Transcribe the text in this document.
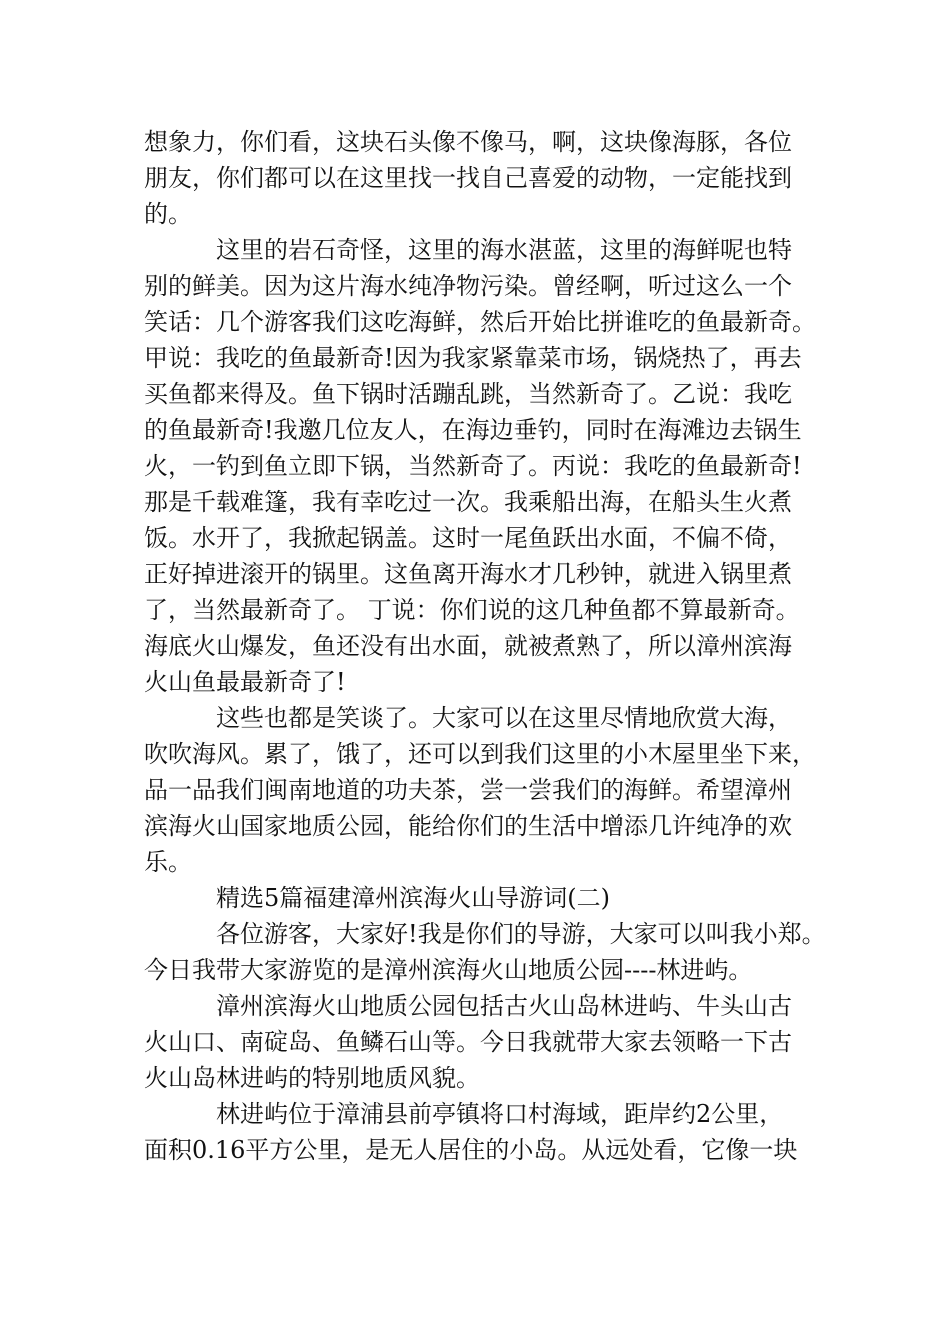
想象力，你们看，这块石头像不像马，啊，这块像海豚，各位

朋友，你们都可以在这里找一找自己喜爱的动物，一定能找到

的。

这里的岩石奇怪，这里的海水湛蓝，这里的海鲜呢也特

别的鲜美。因为这片海水纯净物污染。曾经啊，听过这么一个

笑话：几个游客我们这吃海鲜，然后开始比拼谁吃的鱼最新奇。

甲说：我吃的鱼最新奇!因为我家紧靠菜市场，锅烧热了，再去

买鱼都来得及。鱼下锅时活蹦乱跳，当然新奇了。乙说：我吃

的鱼最新奇!我邀几位友人，在海边垂钓，同时在海滩边去锅生

火，一钓到鱼立即下锅，当然新奇了。丙说：我吃的鱼最新奇!

那是千载难篷，我有幸吃过一次。我乘船出海，在船头生火煮

饭。水开了，我掀起锅盖。这时一尾鱼跃出水面，不偏不倚，

正好掉进滚开的锅里。这鱼离开海水才几秒钟，就进入锅里煮

了，当然最新奇了。 丁说：你们说的这几种鱼都不算最新奇。

海底火山爆发，鱼还没有出水面，就被煮熟了，所以漳州滨海

火山鱼最最新奇了!

这些也都是笑谈了。大家可以在这里尽情地欣赏大海，

吹吹海风。累了，饿了，还可以到我们这里的小木屋里坐下来，

品一品我们闽南地道的功夫茶，尝一尝我们的海鲜。希望漳州

滨海火山国家地质公园，能给你们的生活中增添几许纯净的欢

乐。

精选5篇福建漳州滨海火山导游词(二)

各位游客，大家好!我是你们的导游，大家可以叫我小郑。

今日我带大家游览的是漳州滨海火山地质公园----林进屿。

漳州滨海火山地质公园包括古火山岛林进屿、牛头山古

火山口、南碇岛、鱼鳞石山等。今日我就带大家去领略一下古

火山岛林进屿的特别地质风貌。

林进屿位于漳浦县前亭镇将口村海域，距岸约2公里，

面积0.16平方公里，是无人居住的小岛。从远处看，它像一块
